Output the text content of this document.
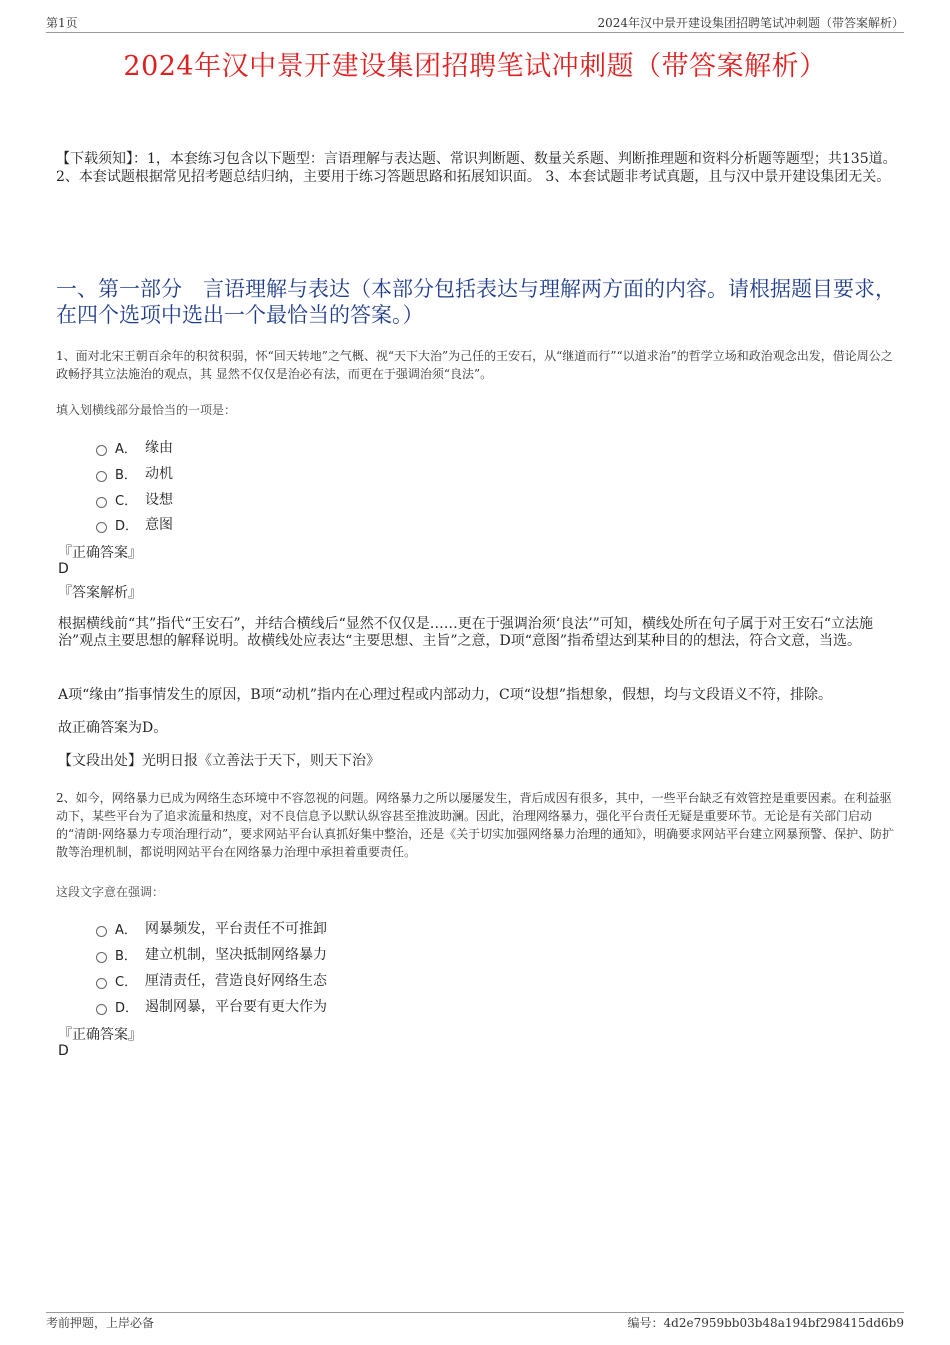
第1页	2024年汉中景开建设集团招聘笔试冲刺题（带答案解析）
2024年汉中景开建设集团招聘笔试冲刺题（带答案解析）
【下载须知】：1，本套练习包含以下题型：言语理解与表达题、常识判断题、数量关系题、判断推理题和资料分析题等题型；共135道。 2、本套试题根据常见招考题总结归纳，主要用于练习答题思路和拓展知识面。 3、本套试题非考试真题，且与汉中景开建设集团无关。
一、第一部分　言语理解与表达（本部分包括表达与理解两方面的内容。请根据题目要求，在四个选项中选出一个最恰当的答案。）
1、面对北宋王朝百余年的积贫积弱，怀“回天转地”之气概、视“天下大治”为己任的王安石，从“继道而行”“以道求治”的哲学立场和政治观念出发，借论周公之政畅抒其立法施治的观点，其 显然不仅仅是治必有法，而更在于强调治须“良法”。
填入划横线部分最恰当的一项是：
A． 缘由
B． 动机
C． 设想
D． 意图
『正确答案』
D
『答案解析』
根据横线前“其”指代“王安石”，并结合横线后“显然不仅仅是……更在于强调治须‘良法’”可知，横线处所在句子属于对王安石“立法施治”观点主要思想的解释说明。故横线处应表达“主要思想、主旨”之意，D项“意图”指希望达到某种目的的想法，符合文意，当选。
A项“缘由”指事情发生的原因，B项“动机”指内在心理过程或内部动力，C项“设想”指想象，假想，均与文段语义不符，排除。
故正确答案为D。
【文段出处】光明日报《立善法于天下，则天下治》
2、如今，网络暴力已成为网络生态环境中不容忽视的问题。网络暴力之所以屡屡发生，背后成因有很多，其中，一些平台缺乏有效管控是重要因素。在利益驱动下，某些平台为了追求流量和热度，对不良信息予以默认纵容甚至推波助澜。因此，治理网络暴力，强化平台责任无疑是重要环节。无论是有关部门启动的“清朗·网络暴力专项治理行动”，要求网站平台认真抓好集中整治，还是《关于切实加强网络暴力治理的通知》，明确要求网站平台建立网暴预警、保护、防扩散等治理机制，都说明网站平台在网络暴力治理中承担着重要责任。
这段文字意在强调：
A． 网暴频发，平台责任不可推卸
B． 建立机制，坚决抵制网络暴力
C． 厘清责任，营造良好网络生态
D． 遏制网暴，平台要有更大作为
『正确答案』
D
考前押题，上岸必备	编号：4d2e7959bb03b48a194bf298415dd6b9
